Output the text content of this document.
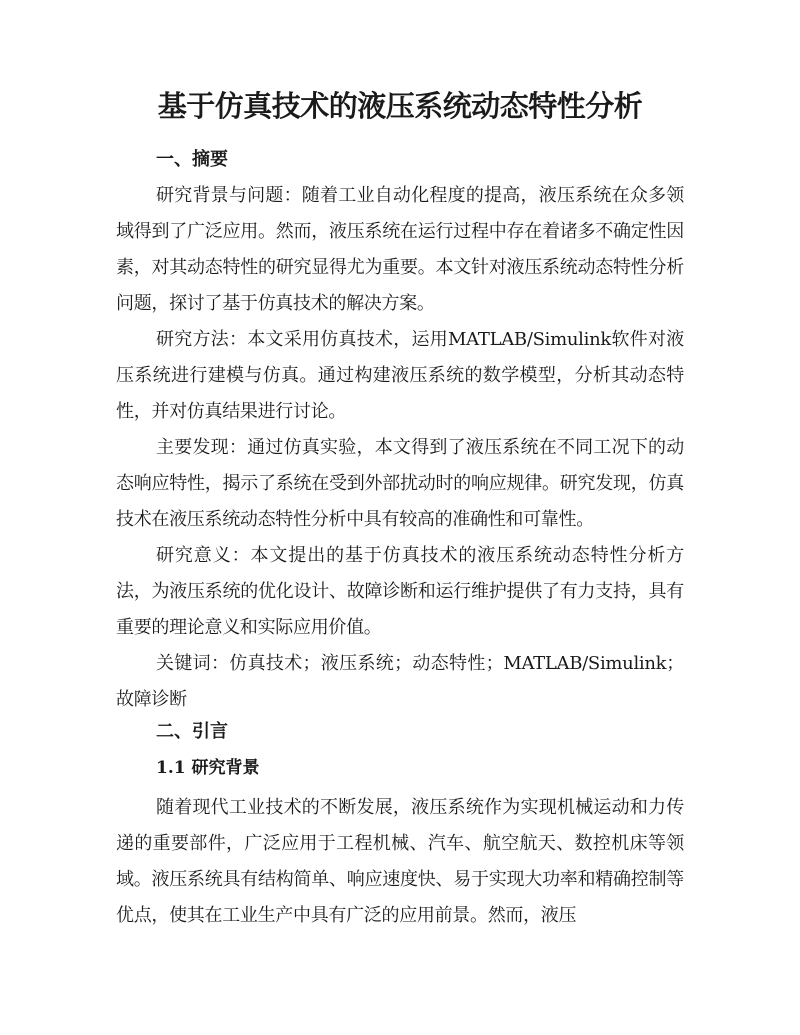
基于仿真技术的液压系统动态特性分析
一、摘要

研究背景与问题：随着工业自动化程度的提高，液压系统在众多领域得到了广泛应用。然而，液压系统在运行过程中存在着诸多不确定性因素，对其动态特性的研究显得尤为重要。本文针对液压系统动态特性分析问题，探讨了基于仿真技术的解决方案。

研究方法：本文采用仿真技术，运用MATLAB/Simulink软件对液压系统进行建模与仿真。通过构建液压系统的数学模型，分析其动态特性，并对仿真结果进行讨论。

主要发现：通过仿真实验，本文得到了液压系统在不同工况下的动态响应特性，揭示了系统在受到外部扰动时的响应规律。研究发现，仿真技术在液压系统动态特性分析中具有较高的准确性和可靠性。

研究意义：本文提出的基于仿真技术的液压系统动态特性分析方法，为液压系统的优化设计、故障诊断和运行维护提供了有力支持，具有重要的理论意义和实际应用价值。

关键词：仿真技术；液压系统；动态特性；MATLAB/Simulink；故障诊断

二、引言
1.1 研究背景

随着现代工业技术的不断发展，液压系统作为实现机械运动和力传递的重要部件，广泛应用于工程机械、汽车、航空航天、数控机床等领域。液压系统具有结构简单、响应速度快、易于实现大功率和精确控制等优点，使其在工业生产中具有广泛的应用前景。然而，液压
